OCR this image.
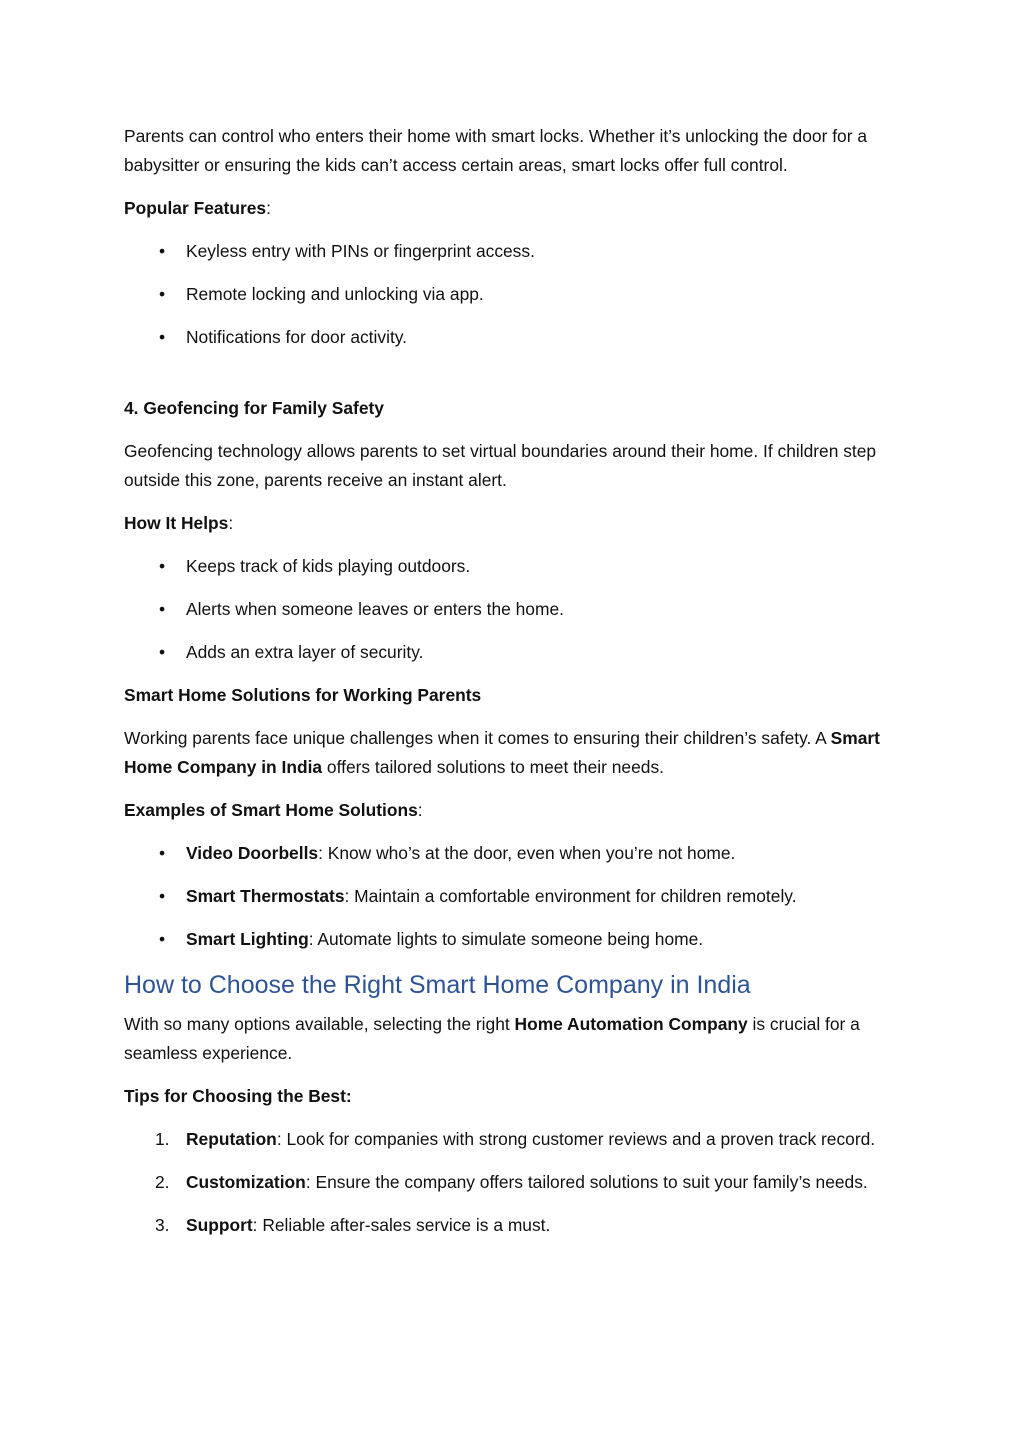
Parents can control who enters their home with smart locks. Whether it’s unlocking the door for a babysitter or ensuring the kids can’t access certain areas, smart locks offer full control.

Popular Features:
• Keyless entry with PINs or fingerprint access.
• Remote locking and unlocking via app.
• Notifications for door activity.
4. Geofencing for Family Safety

Geofencing technology allows parents to set virtual boundaries around their home. If children step outside this zone, parents receive an instant alert.

How It Helps:
• Keeps track of kids playing outdoors.
• Alerts when someone leaves or enters the home.
• Adds an extra layer of security.
Smart Home Solutions for Working Parents

Working parents face unique challenges when it comes to ensuring their children’s safety. A Smart Home Company in India offers tailored solutions to meet their needs.

Examples of Smart Home Solutions:
• Video Doorbells: Know who’s at the door, even when you’re not home.
• Smart Thermostats: Maintain a comfortable environment for children remotely.
• Smart Lighting: Automate lights to simulate someone being home.
How to Choose the Right Smart Home Company in India

With so many options available, selecting the right Home Automation Company is crucial for a seamless experience.

Tips for Choosing the Best:
1. Reputation: Look for companies with strong customer reviews and a proven track record.
2. Customization: Ensure the company offers tailored solutions to suit your family’s needs.
3. Support: Reliable after-sales service is a must.
